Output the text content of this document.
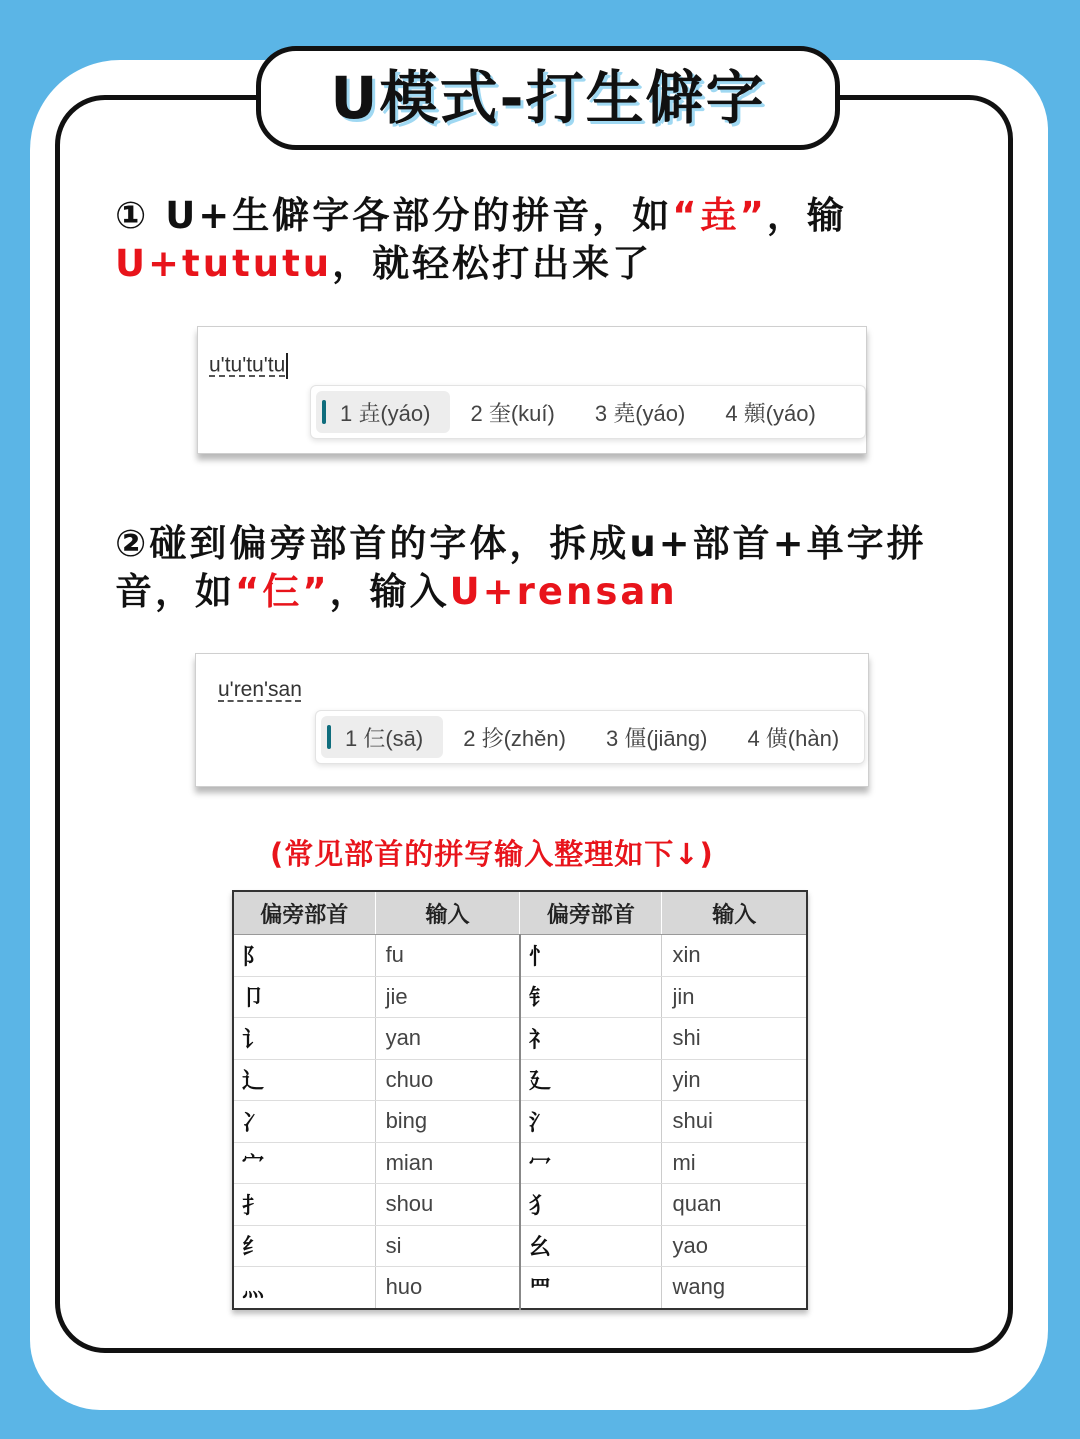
U模式-打生僻字
① U+生僻字各部分的拼音，如“垚”，输
U+tututu，就轻松打出来了
u'tu'tu'tu
1 垚(yáo)	2 奎(kuí)	3 堯(yáo)	4 顤(yáo)
②碰到偏旁部首的字体，拆成u+部首+单字拼音，如“仨”，输入U+rensan
u'ren'san
1 仨(sā)	2 抮(zhěn)	3 僵(jiāng)	4 僙(hàn)
(常见部首的拼写输入整理如下↓)
偏旁部首	输入	偏旁部首	输入
阝	fu	忄	xin
卩	jie	钅	jin
讠	yan	礻	shi
辶	chuo	廴	yin
冫	bing	氵	shui
宀	mian	冖	mi
扌	shou	犭	quan
纟	si	幺	yao
灬	huo	罒	wang
